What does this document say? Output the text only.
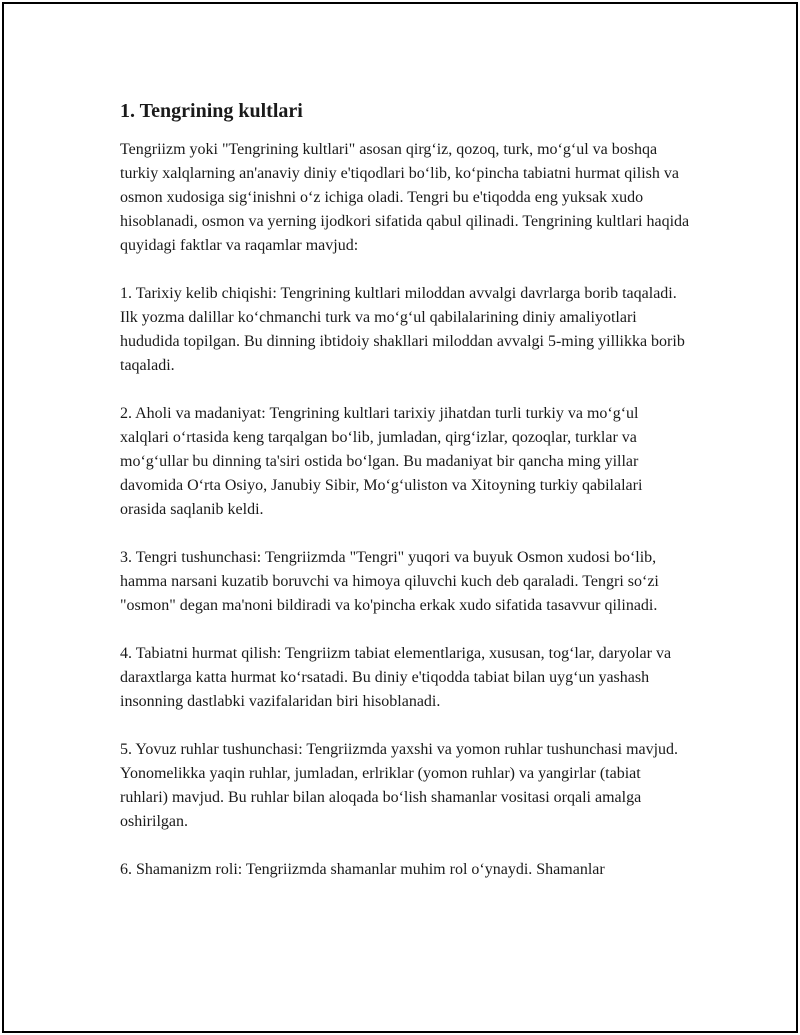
1. Tengrining kultlari

Tengriizm yoki "Tengrining kultlari" asosan qirg‘iz, qozoq, turk, mo‘g‘ul va boshqa turkiy xalqlarning an'anaviy diniy e'tiqodlari bo‘lib, ko‘pincha tabiatni hurmat qilish va osmon xudosiga sig‘inishni o‘z ichiga oladi. Tengri bu e'tiqodda eng yuksak xudo hisoblanadi, osmon va yerning ijodkori sifatida qabul qilinadi. Tengrining kultlari haqida quyidagi faktlar va raqamlar mavjud:

1. Tarixiy kelib chiqishi: Tengrining kultlari miloddan avvalgi davrlarga borib taqaladi. Ilk yozma dalillar ko‘chmanchi turk va mo‘g‘ul qabilalarining diniy amaliyotlari hududida topilgan. Bu dinning ibtidoiy shakllari miloddan avvalgi 5-ming yillikka borib taqaladi.

2. Aholi va madaniyat: Tengrining kultlari tarixiy jihatdan turli turkiy va mo‘g‘ul xalqlari o‘rtasida keng tarqalgan bo‘lib, jumladan, qirg‘izlar, qozoqlar, turklar va mo‘g‘ullar bu dinning ta'siri ostida bo‘lgan. Bu madaniyat bir qancha ming yillar davomida O‘rta Osiyo, Janubiy Sibir, Mo‘g‘uliston va Xitoyning turkiy qabilalari orasida saqlanib keldi.

3. Tengri tushunchasi: Tengriizmda "Tengri" yuqori va buyuk Osmon xudosi bo‘lib, hamma narsani kuzatib boruvchi va himoya qiluvchi kuch deb qaraladi. Tengri so‘zi "osmon" degan ma'noni bildiradi va ko'pincha erkak xudo sifatida tasavvur qilinadi.

4. Tabiatni hurmat qilish: Tengriizm tabiat elementlariga, xususan, tog‘lar, daryolar va daraxtlarga katta hurmat ko‘rsatadi. Bu diniy e'tiqodda tabiat bilan uyg‘un yashash insonning dastlabki vazifalaridan biri hisoblanadi.

5. Yovuz ruhlar tushunchasi: Tengriizmda yaxshi va yomon ruhlar tushunchasi mavjud. Yonomelikka yaqin ruhlar, jumladan, erlriklar (yomon ruhlar) va yangirlar (tabiat ruhlari) mavjud. Bu ruhlar bilan aloqada bo‘lish shamanlar vositasi orqali amalga oshirilgan.

6. Shamanizm roli: Tengriizmda shamanlar muhim rol o‘ynaydi. Shamanlar
